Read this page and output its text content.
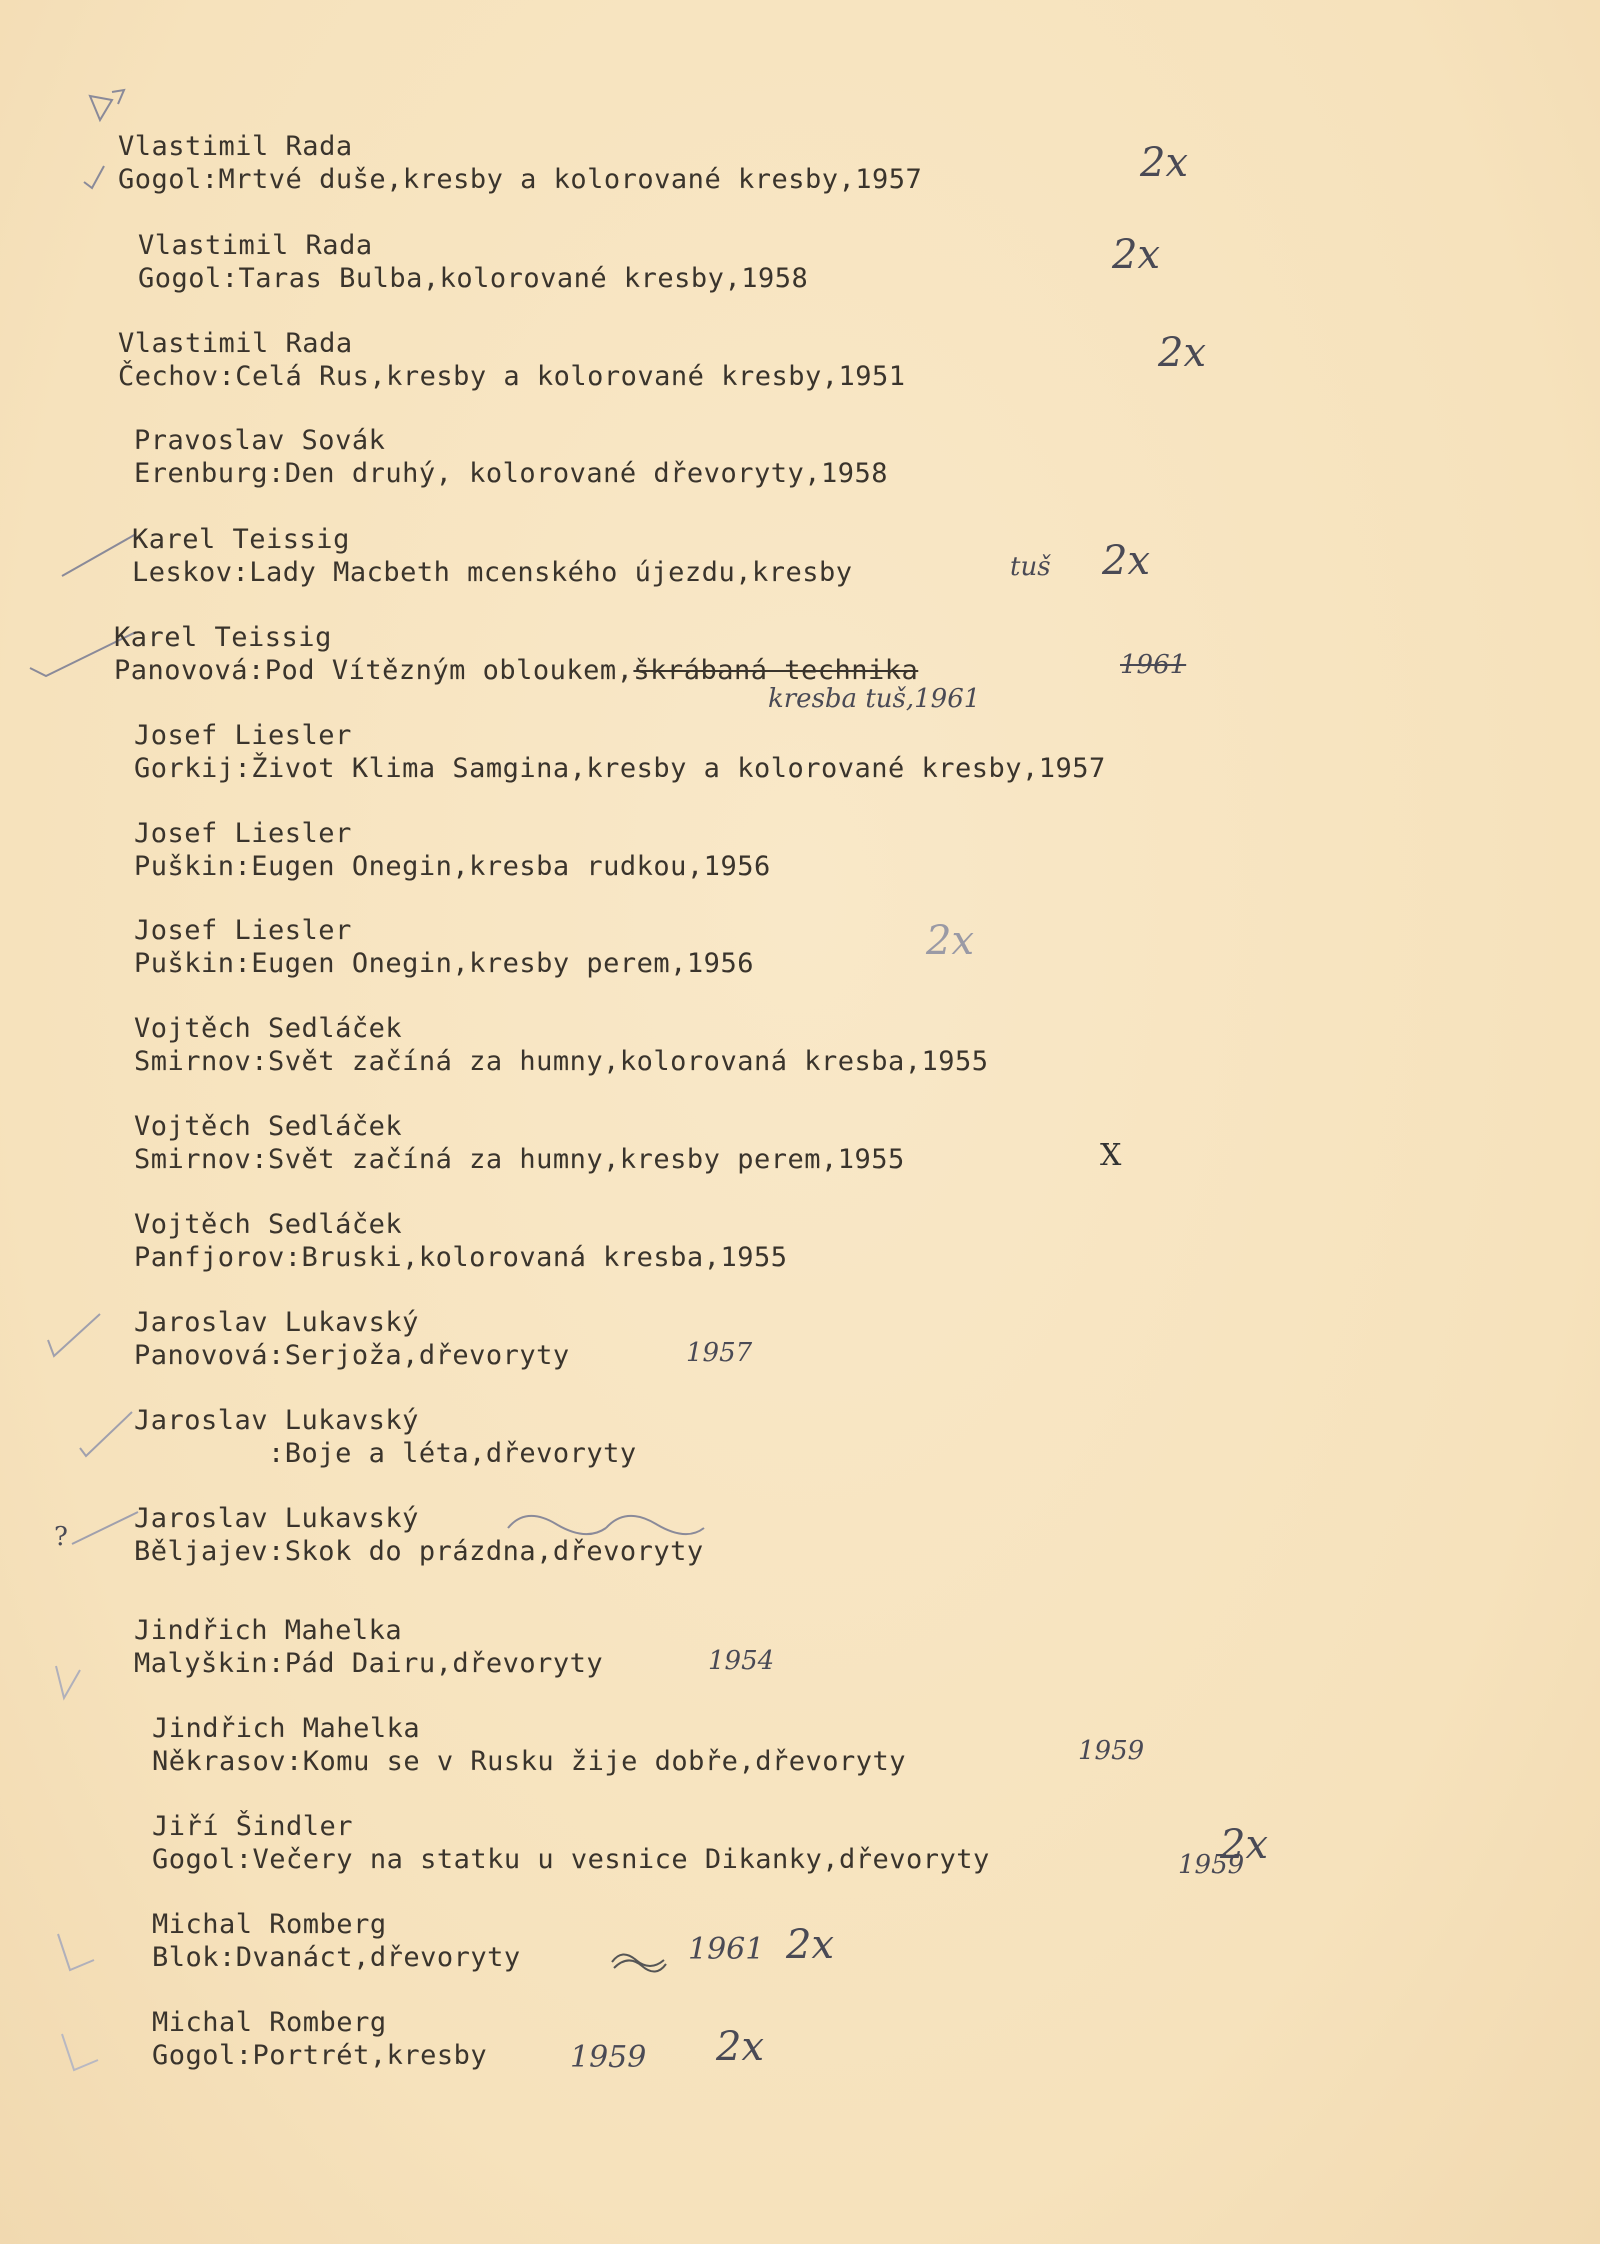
Vlastimil Rada
Gogol:Mrtvé duše,kresby a kolorované kresby,1957	2x
Vlastimil Rada
Gogol:Taras Bulba,kolorované kresby,1958
2x
Vlastimil Rada
Čechov:Celá Rus,kresby a kolorované kresby,1951
2x
Pravoslav Sovák
Erenburg:Den druhý, kolorované dřevoryty,1958
Karel Teissig
Leskov:Lady Macbeth mcenského újezdu,kresby	tuš 2x
Karel Teissig
Panovová:Pod Vítězným obloukem,škrábaná technika	1961
kresba tuš,1961
Josef Liesler
Gorkij:Život Klima Samgina,kresby a kolorované kresby,1957
Josef Liesler
Puškin:Eugen Onegin,kresba rudkou,1956
Josef Liesler
Puškin:Eugen Onegin,kresby perem,1956	2x
Vojtěch Sedláček
Smirnov:Svět začíná za humny,kolorovaná kresba,1955
Vojtěch Sedláček
Smirnov:Svět začíná za humny,kresby perem,1955	X
Vojtěch Sedláček
Panfjorov:Bruski,kolorovaná kresba,1955
Jaroslav Lukavský
Panovová:Serjoža,dřevoryty	1957
Jaroslav Lukavský
:Boje a léta,dřevoryty
?
Jaroslav Lukavský
Běljajev:Skok do prázdna,dřevoryty
Jindřich Mahelka
Malyškin:Pád Dairu,dřevoryty	1954
Jindřich Mahelka
Někrasov:Komu se v Rusku žije dobře,dřevoryty	1959
Jiří Šindler
Gogol:Večery na statku u vesnice Dikanky,dřevoryty	1959
2x
Michal Romberg
Blok:Dvanáct,dřevoryty	1961 2x
Michal Romberg
Gogol:Portrét,kresby	1959 2x
